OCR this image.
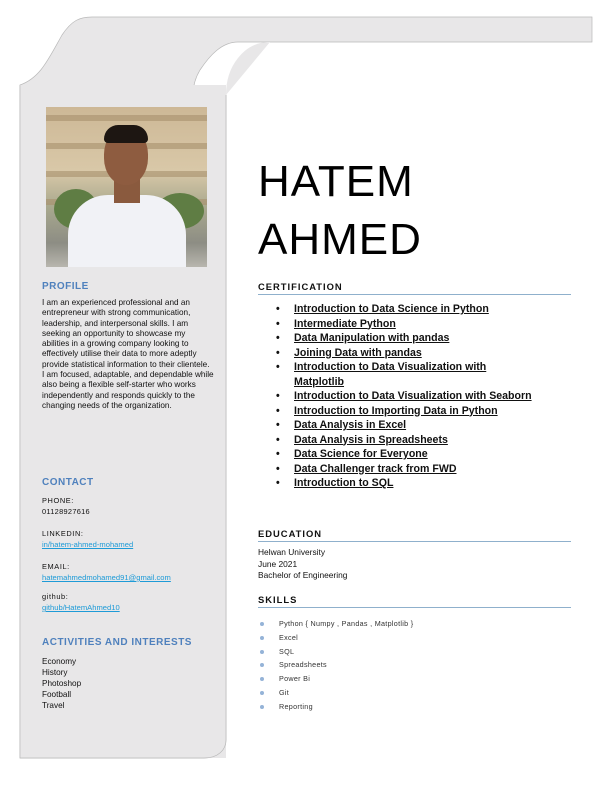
PROFILE

I am an experienced professional and an entrepreneur with strong communication, leadership, and interpersonal skills. I am seeking an opportunity to showcase my abilities in a growing company looking to effectively utilise their data to more adeptly provide statistical information to their clientele. I am focused, adaptable, and dependable while also being a flexible self-starter who works independently and responds quickly to the changing needs of the organization.

CONTACT
PHONE:
01128927616
LINKEDIN:
in/hatem-ahmed-mohamed
EMAIL:
hatemahmedmohamed91@gmail.com
github:
github/HatemAhmed10
ACTIVITIES AND INTERESTS
Economy
History
Photoshop
Football
Travel
HATEM
AHMED
CERTIFICATION
• Introduction to Data Science in Python
• Intermediate Python
• Data Manipulation with pandas
• Joining Data with pandas
• Introduction to Data Visualization with Matplotlib
• Introduction to Data Visualization with Seaborn
• Introduction to Importing Data in Python
• Data Analysis in Excel
• Data Analysis in Spreadsheets
• Data Science for Everyone
• Data Challenger track from FWD
• Introduction to SQL
EDUCATION
Helwan University
June 2021
Bachelor of Engineering
SKILLS
Python { Numpy , Pandas , Matplotlib }
Excel
SQL
Spreadsheets
Power Bi
Git
Reporting
